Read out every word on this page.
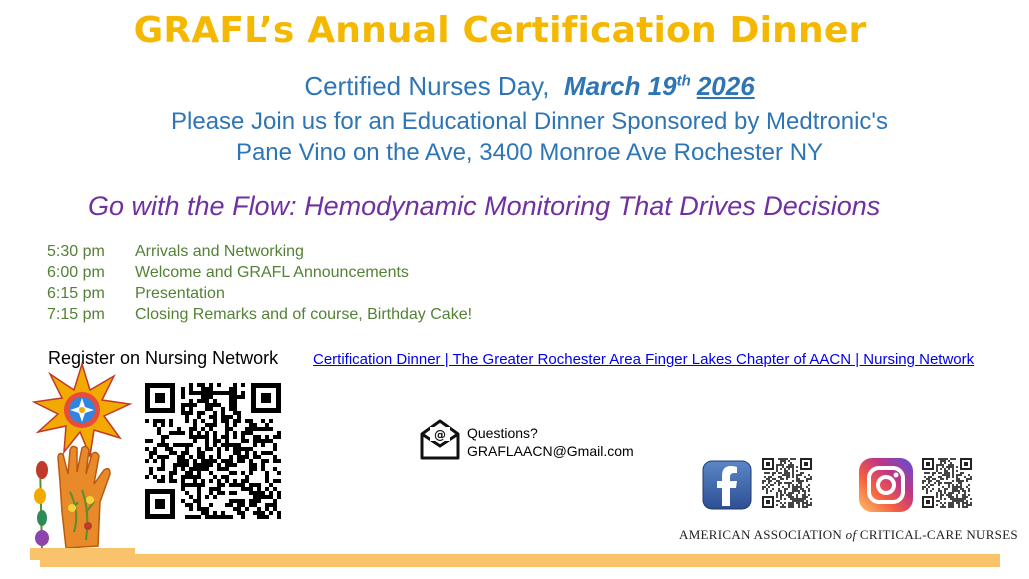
GRAFL’s Annual Certification Dinner
Certified Nurses Day, March 19th 2026
Please Join us for an Educational Dinner Sponsored by Medtronic's
Pane Vino on the Ave, 3400 Monroe Ave Rochester NY
Go with the Flow: Hemodynamic Monitoring That Drives Decisions
5:30 pm Arrivals and Networking
6:00 pm Welcome and GRAFL Announcements
6:15 pm Presentation
7:15 pm Closing Remarks and of course, Birthday Cake!
Register on Nursing Network Certification Dinner | The Greater Rochester Area Finger Lakes Chapter of AACN | Nursing Network
@ Questions?
GRAFLAACN@Gmail.com
AMERICAN ASSOCIATION of CRITICAL-CARE NURSES
